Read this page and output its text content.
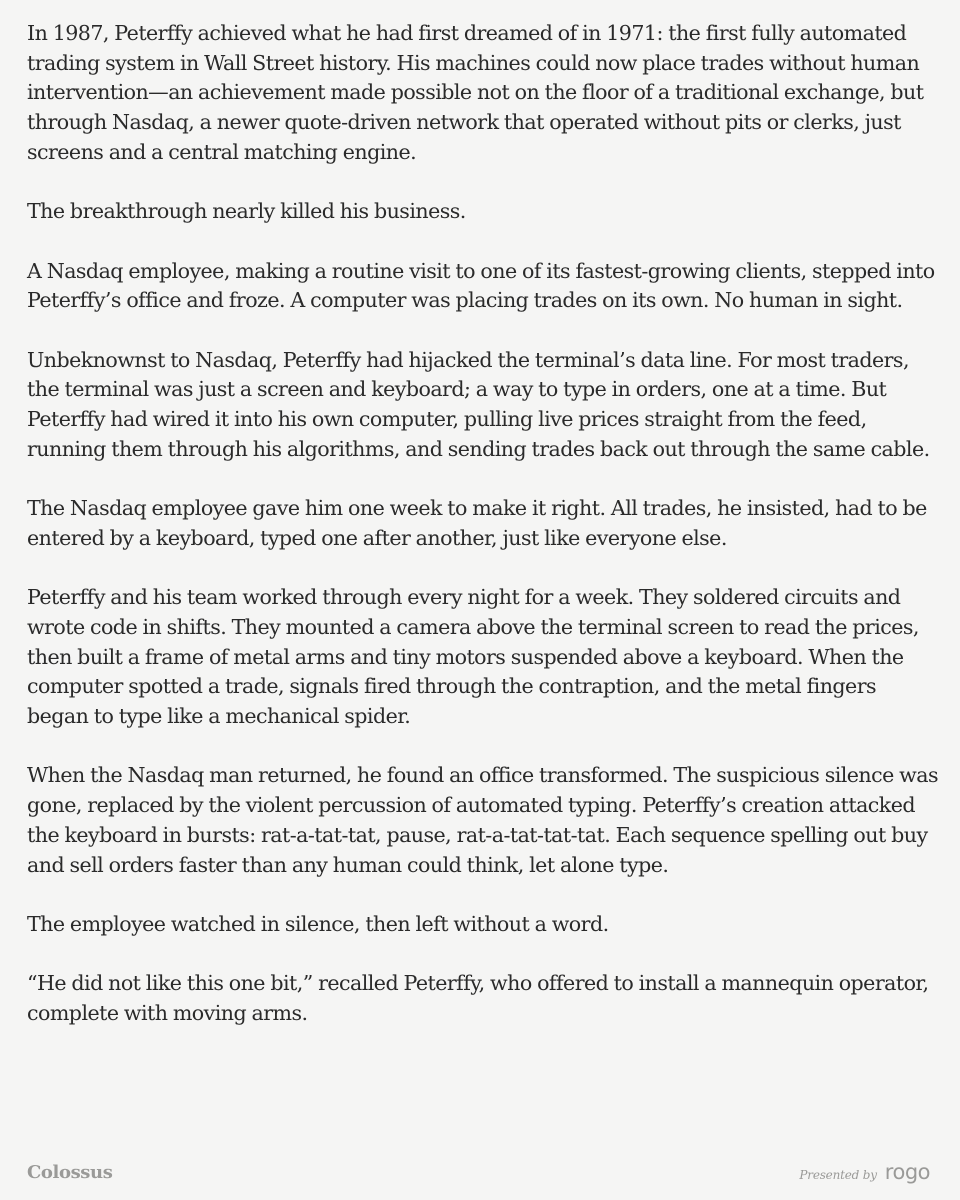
In 1987, Peterffy achieved what he had first dreamed of in 1971: the first fully automated trading system in Wall Street history. His machines could now place trades without human intervention—an achievement made possible not on the floor of a traditional exchange, but through Nasdaq, a newer quote-driven network that operated without pits or clerks, just screens and a central matching engine.

The breakthrough nearly killed his business.

A Nasdaq employee, making a routine visit to one of its fastest-growing clients, stepped into Peterffy’s office and froze. A computer was placing trades on its own. No human in sight.

Unbeknownst to Nasdaq, Peterffy had hijacked the terminal’s data line. For most traders, the terminal was just a screen and keyboard; a way to type in orders, one at a time. But Peterffy had wired it into his own computer, pulling live prices straight from the feed, running them through his algorithms, and sending trades back out through the same cable.

The Nasdaq employee gave him one week to make it right. All trades, he insisted, had to be entered by a keyboard, typed one after another, just like everyone else.

Peterffy and his team worked through every night for a week. They soldered circuits and wrote code in shifts. They mounted a camera above the terminal screen to read the prices, then built a frame of metal arms and tiny motors suspended above a keyboard. When the computer spotted a trade, signals fired through the contraption, and the metal fingers began to type like a mechanical spider.

When the Nasdaq man returned, he found an office transformed. The suspicious silence was gone, replaced by the violent percussion of automated typing. Peterffy’s creation attacked the keyboard in bursts: rat-a-tat-tat, pause, rat-a-tat-tat-tat. Each sequence spelling out buy and sell orders faster than any human could think, let alone type.

The employee watched in silence, then left without a word.

“He did not like this one bit,” recalled Peterffy, who offered to install a mannequin operator, complete with moving arms.

Colossus	Presented by rogo
